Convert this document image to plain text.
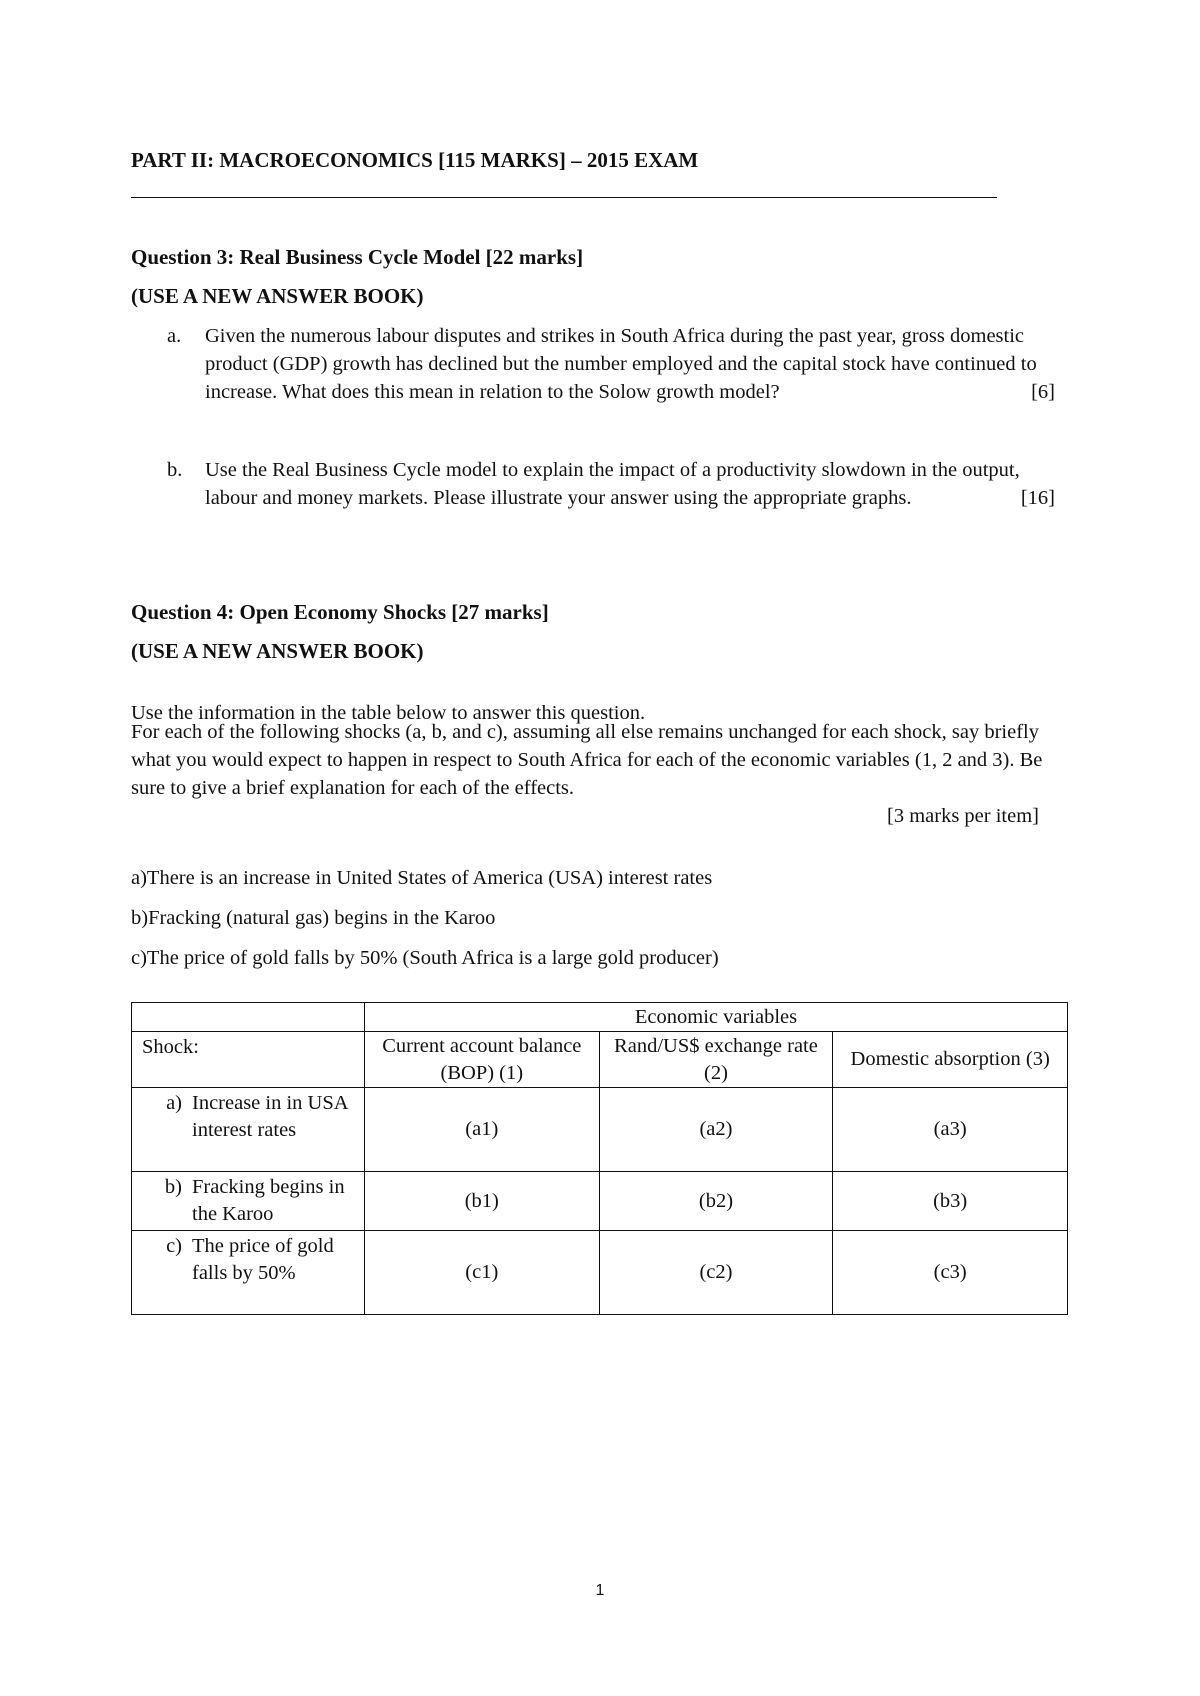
PART II: MACROECONOMICS [115 MARKS] – 2015 EXAM

Question 3: Real Business Cycle Model [22 marks]

(USE A NEW ANSWER BOOK)

a. Given the numerous labour disputes and strikes in South Africa during the past year, gross domestic product (GDP) growth has declined but the number employed and the capital stock have continued to increase. What does this mean in relation to the Solow growth model?	[6]
b. Use the Real Business Cycle model to explain the impact of a productivity slowdown in the output, labour and money markets. Please illustrate your answer using the appropriate graphs.	[16]

Question 4: Open Economy Shocks [27 marks]

(USE A NEW ANSWER BOOK)

Use the information in the table below to answer this question.

For each of the following shocks (a, b, and c), assuming all else remains unchanged for each shock, say briefly what you would expect to happen in respect to South Africa for each of the economic variables (1, 2 and 3). Be sure to give a brief explanation for each of the effects.
[3 marks per item]

a)There is an increase in United States of America (USA) interest rates

b)Fracking (natural gas) begins in the Karoo

c)The price of gold falls by 50% (South Africa is a large gold producer)

	Economic variables		
Shock:	Current account balance (BOP) (1)	Rand/US$ exchange rate (2)	Domestic absorption (3)

a) Increase in in USA interest rates	(a1)	(a2)	(a3)

b) Fracking begins in the Karoo	(b1)	(b2)	(b3)

c) The price of gold falls by 50%	(c1)	(c2)	(c3)
1
